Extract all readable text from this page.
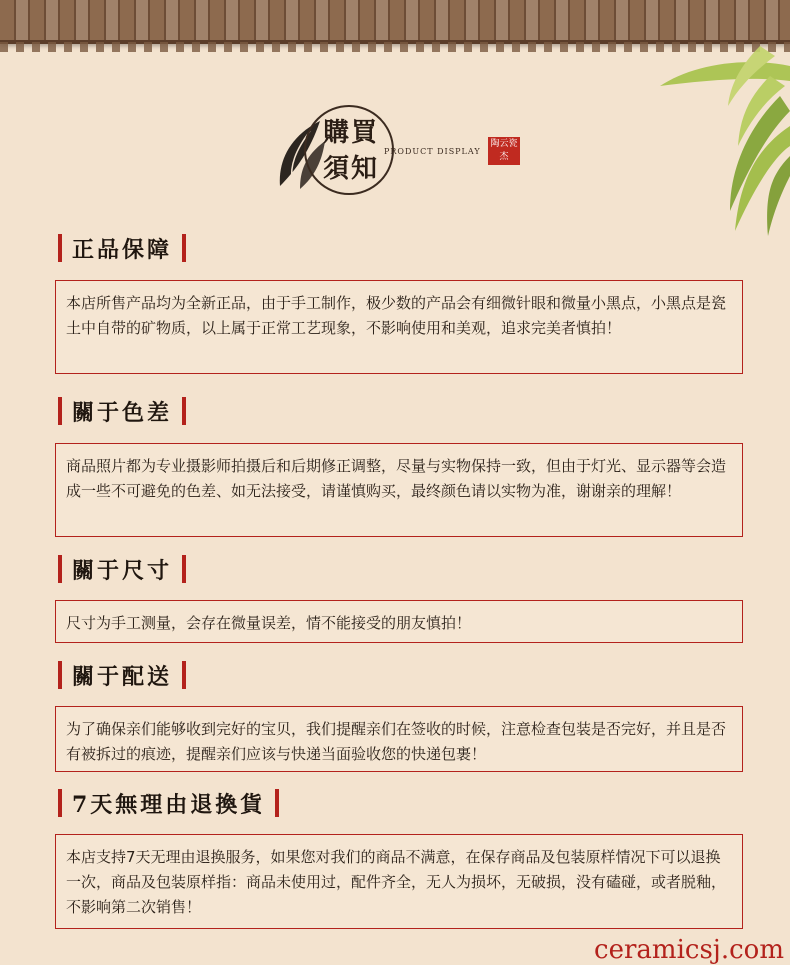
購買須知
PRODUCT DISPLAY
陶云瓷杰
正品保障
本店所售产品均为全新正品，由于手工制作，极少数的产品会有细微针眼和微量小黑点，小黑点是瓷土中自带的矿物质，以上属于正常工艺现象，不影响使用和美观，追求完美者慎拍！
關于色差
商品照片都为专业摄影师拍摄后和后期修正调整，尽量与实物保持一致，但由于灯光、显示器等会造成一些不可避免的色差、如无法接受，请谨慎购买，最终颜色请以实物为准，谢谢亲的理解！
關于尺寸
尺寸为手工测量，会存在微量误差，情不能接受的朋友慎拍！
關于配送
为了确保亲们能够收到完好的宝贝，我们提醒亲们在签收的时候，注意检查包装是否完好，并且是否有被拆过的痕迹，提醒亲们应该与快递当面验收您的快递包裹！
7天無理由退換貨
本店支持7天无理由退换服务，如果您对我们的商品不满意，在保存商品及包装原样情况下可以退换一次，商品及包装原样指：商品未使用过，配件齐全，无人为损坏，无破损，没有磕碰，或者脱釉，不影响第二次销售！
ceramicsj.com
